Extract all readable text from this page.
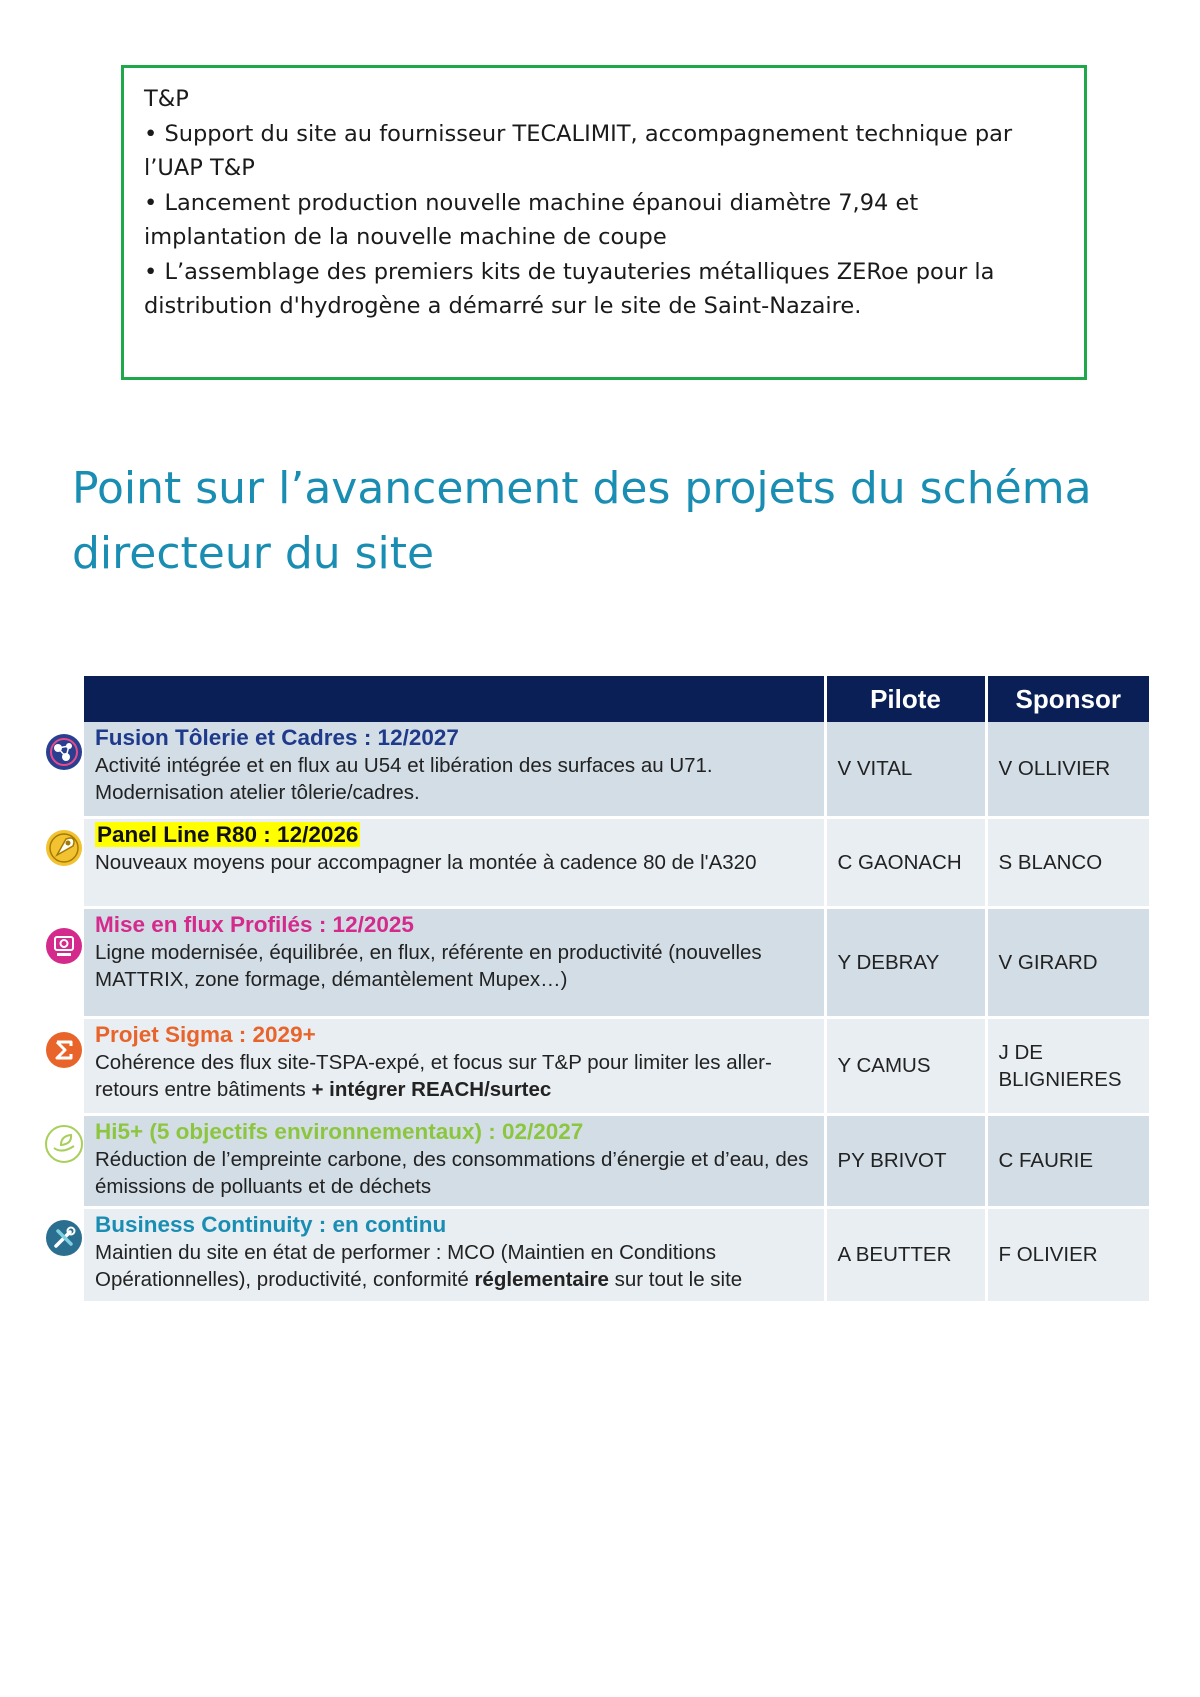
T&P
• Support du site au fournisseur TECALIMIT, accompagnement technique par l’UAP T&P
• Lancement production nouvelle machine épanoui diamètre 7,94 et implantation de la nouvelle machine de coupe
• L’assemblage des premiers kits de tuyauteries métalliques ZERoe pour la distribution d'hydrogène a démarré sur le site de Saint-Nazaire.
Point sur l’avancement des projets du schéma directeur du site
	Pilote	Sponsor

Fusion Tôlerie et Cadres : 12/2027
Activité intégrée et en flux au U54 et libération des surfaces au U71. Modernisation atelier tôlerie/cadres.	V VITAL	V OLLIVIER

Panel Line R80 : 12/2026
Nouveaux moyens pour accompagner la montée à cadence 80 de l'A320	C GAONACH	S BLANCO

Mise en flux Profilés : 12/2025
Ligne modernisée, équilibrée, en flux, référente en productivité (nouvelles MATTRIX, zone formage, démantèlement Mupex…)	Y DEBRAY	V GIRARD

Projet Sigma : 2029+
Cohérence des flux site-TSPA-expé, et focus sur T&P pour limiter les aller-retours entre bâtiments + intégrer REACH/surtec	Y CAMUS	J DE BLIGNIERES

Hi5+ (5 objectifs environnementaux) : 02/2027
Réduction de l’empreinte carbone, des consommations d’énergie et d’eau, des émissions de polluants et de déchets	PY BRIVOT	C FAURIE

Business Continuity : en continu
Maintien du site en état de performer : MCO (Maintien en Conditions Opérationnelles), productivité, conformité réglementaire sur tout le site	A BEUTTER	F OLIVIER
